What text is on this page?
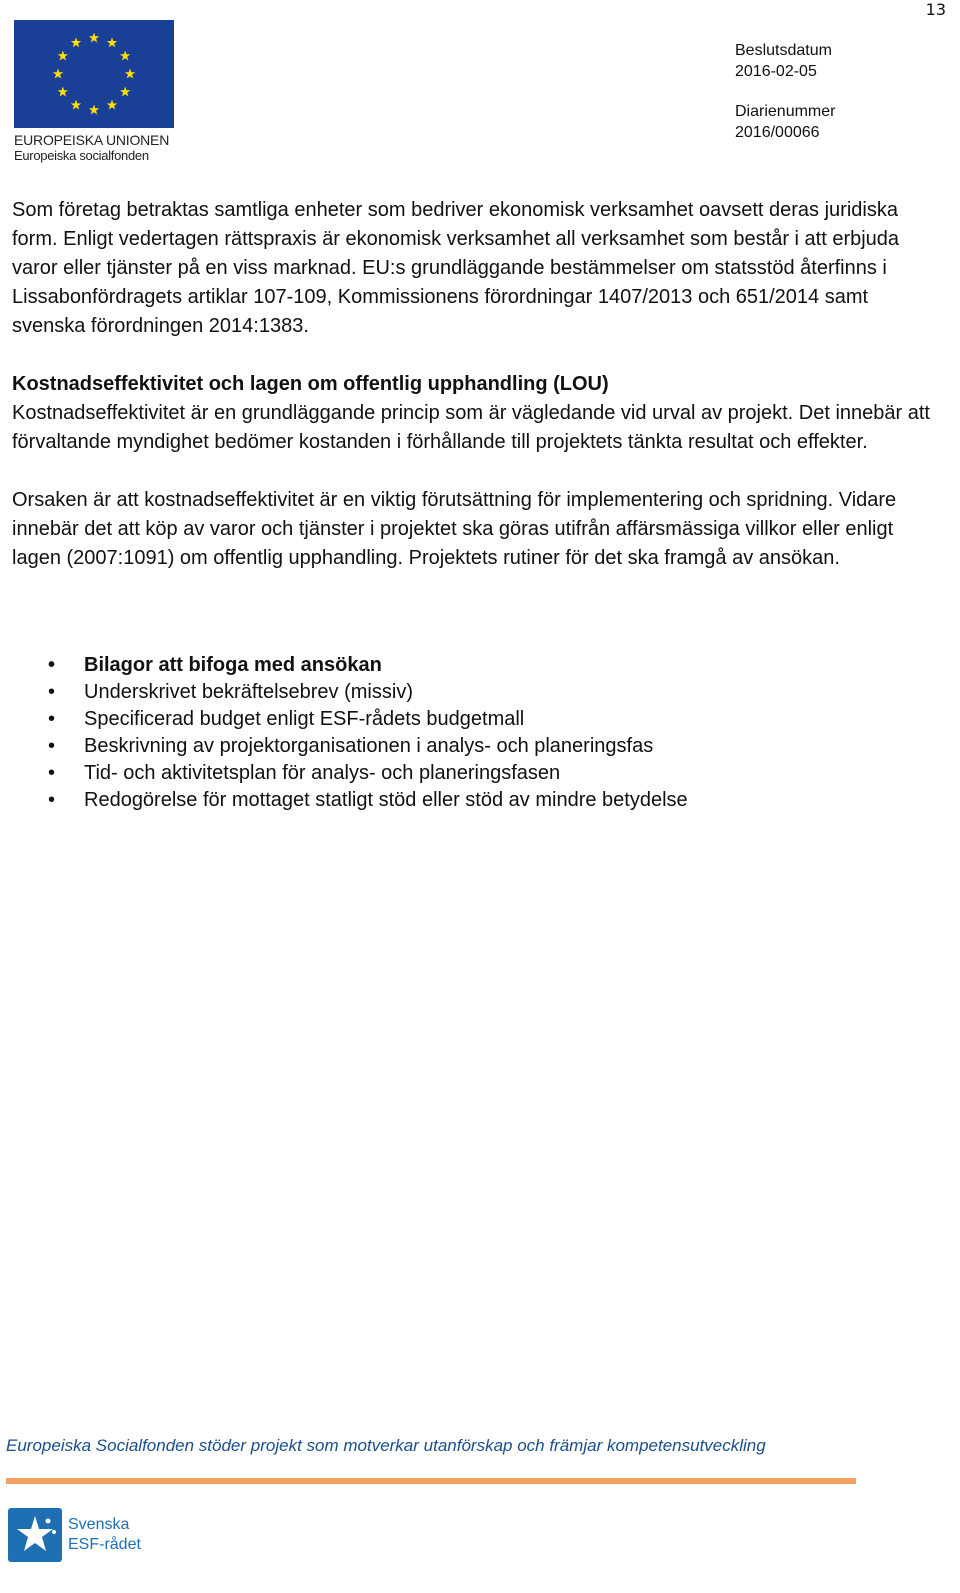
13
EUROPEISKA UNIONEN
Europeiska socialfonden
Beslutsdatum
2016-02-05
Diarienummer
2016/00066

Som företag betraktas samtliga enheter som bedriver ekonomisk verksamhet oavsett deras juridiska form. Enligt vedertagen rättspraxis är ekonomisk verksamhet all verksamhet som består i att erbjuda varor eller tjänster på en viss marknad. EU:s grundläggande bestämmelser om statsstöd återfinns i Lissabonfördragets artiklar 107-109, Kommissionens förordningar 1407/2013 och 651/2014 samt svenska förordningen 2014:1383.

Kostnadseffektivitet och lagen om offentlig upphandling (LOU)

Kostnadseffektivitet är en grundläggande princip som är vägledande vid urval av projekt. Det innebär att förvaltande myndighet bedömer kostanden i förhållande till projektets tänkta resultat och effekter.

Orsaken är att kostnadseffektivitet är en viktig förutsättning för implementering och spridning. Vidare innebär det att köp av varor och tjänster i projektet ska göras utifrån affärsmässiga villkor eller enligt lagen (2007:1091) om offentlig upphandling. Projektets rutiner för det ska framgå av ansökan.

• Bilagor att bifoga med ansökan
• Underskrivet bekräftelsebrev (missiv)
• Specificerad budget enligt ESF-rådets budgetmall
• Beskrivning av projektorganisationen i analys- och planeringsfas
• Tid- och aktivitetsplan för analys- och planeringsfasen
• Redogörelse för mottaget statligt stöd eller stöd av mindre betydelse
Europeiska Socialfonden stöder projekt som motverkar utanförskap och främjar kompetensutveckling
Svenska
ESF-rådet
